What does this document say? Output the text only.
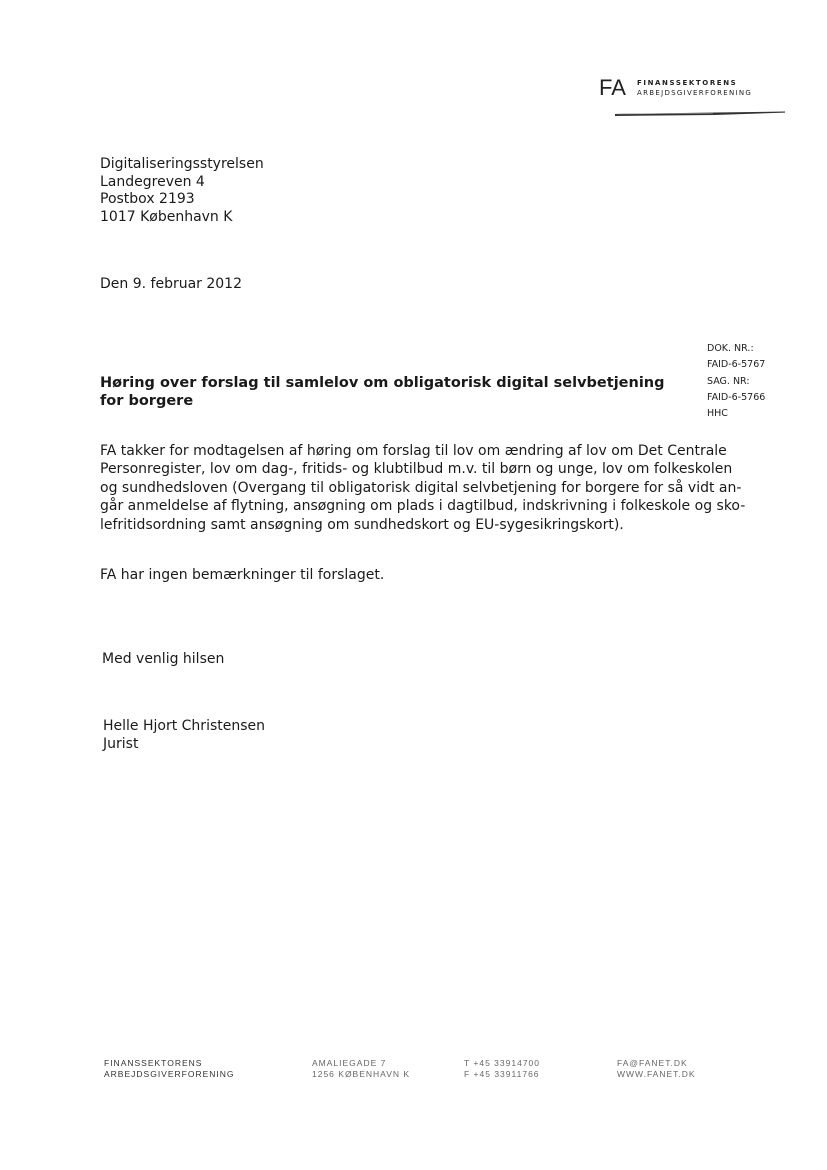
FA FINANSSEKTORENS
ARBEJDSGIVERFORENING
Digitaliseringsstyrelsen
Landegreven 4
Postbox 2193
1017 København K
Den 9. februar 2012
DOK. NR.:
FAID-6-5767
SAG. NR:
FAID-6-5766
HHC
Høring over forslag til samlelov om obligatorisk digital selvbetjening
for borgere
FA takker for modtagelsen af høring om forslag til lov om ændring af lov om Det Centrale
Personregister, lov om dag-, fritids- og klubtilbud m.v. til børn og unge, lov om folkeskolen
og sundhedsloven (Overgang til obligatorisk digital selvbetjening for borgere for så vidt an-
går anmeldelse af flytning, ansøgning om plads i dagtilbud, indskrivning i folkeskole og sko-
lefritidsordning samt ansøgning om sundhedskort og EU-sygesikringskort).
FA har ingen bemærkninger til forslaget.
Med venlig hilsen
Helle Hjort Christensen
Jurist
FINANSSEKTORENS
ARBEJDSGIVERFORENING
AMALIEGADE 7
1256 KØBENHAVN K
T +45 33914700
F +45 33911766
FA@FANET.DK
WWW.FANET.DK
